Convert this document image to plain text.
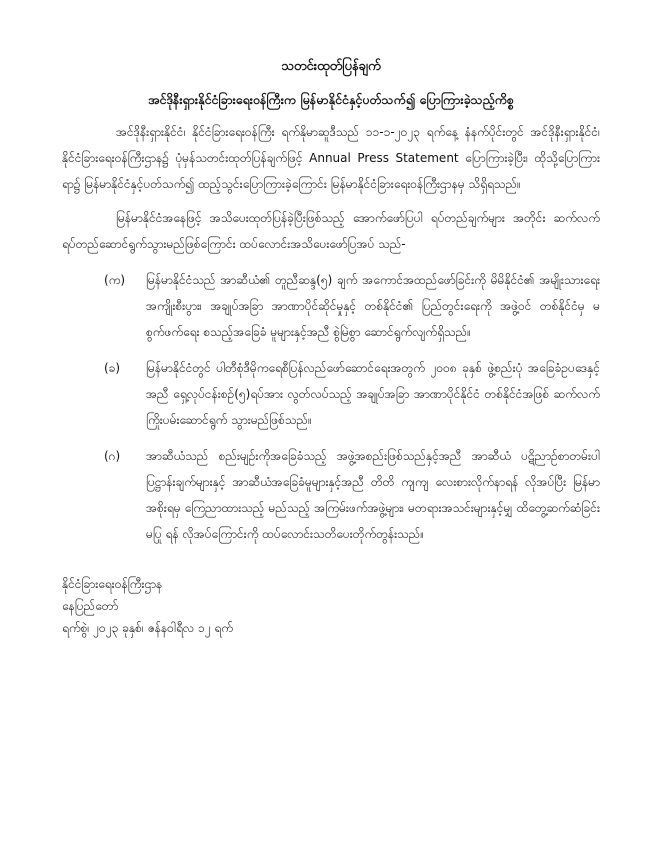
သတင်းထုတ်ပြန်ချက်
အင်ဒိုနီးရှားနိုင်ငံခြားရေးဝန်ကြီးက မြန်မာနိုင်ငံနှင့်ပတ်သက်၍ ပြောကြားခဲ့သည့်ကိစ္စ

အင်ဒိုနီးရှားနိုင်ငံ၊ နိုင်ငံခြားရေးဝန်ကြီး ရက်နိုမာဆူဒီသည် ၁၁-၁-၂၀၂၃ ရက်နေ့ နံနက်ပိုင်းတွင် အင်ဒိုနီးရှားနိုင်ငံ၊ နိုင်ငံခြားရေးဝန်ကြီးဌာန၌ ပုံမှန်သတင်းထုတ်ပြန်ချက်ဖြင့် Annual Press Statement ပြောကြားခဲ့ပြီး၊ ထိုသို့ပြောကြားရာ၌ မြန်မာနိုင်ငံနှင့်ပတ်သက်၍ ထည့်သွင်းပြောကြားခဲ့ကြောင်း မြန်မာနိုင်ငံခြားရေးဝန်ကြီးဌာနမှ သိရှိရသည်။

မြန်မာနိုင်ငံအနေဖြင့် အသိပေးထုတ်ပြန်ခဲ့ပြီးဖြစ်သည့် အောက်ဖော်ပြပါ ရပ်တည်ချက်များ အတိုင်း ဆက်လက် ရပ်တည်ဆောင်ရွက်သွားမည်ဖြစ်ကြောင်း ထပ်လောင်းအသိပေးဖော်ပြအပ် သည်-

(က) မြန်မာနိုင်ငံသည် အာဆီယံ၏ တူညီဆန္ဒ(၅) ချက် အကောင်အထည်ဖော်ခြင်းကို မိမိနိုင်ငံ၏ အမျိုးသားရေးအကျိုးစီးပွား၊ အချုပ်အခြာ အာဏာပိုင်ဆိုင်မှုနှင့် တစ်နိုင်ငံ၏ ပြည်တွင်းရေးကို အဖွဲ့ဝင် တစ်နိုင်ငံမှ မစွက်ဖက်ရေး စသည့်အခြေခံ မူများနှင့်အညီ စွဲမြဲစွာ ဆောင်ရွက်လျက်ရှိသည်။
(ခ) မြန်မာနိုင်ငံတွင် ပါတီစုံဒီမိုကရေစီပြန်လည်ဖော်ဆောင်ရေးအတွက် ၂၀၀၈ ခုနှစ် ဖွဲ့စည်းပုံ အခြေခံဥပဒေနှင့်အညီ ရှေ့လုပ်ငန်းစဉ်(၅)ရပ်အား လွတ်လပ်သည့် အချုပ်အခြာ အာဏာပိုင်နိုင်ငံ တစ်နိုင်ငံအဖြစ် ဆက်လက်ကြိုးပမ်းဆောင်ရွက် သွားမည်ဖြစ်သည်။
(ဂ) အာဆီယံသည် စည်းမျဉ်းကိုအခြေခံသည့် အဖွဲ့အစည်းဖြစ်သည်နှင့်အညီ အာဆီယံ ပဋိညာဉ်စာတမ်းပါ ပြဋ္ဌာန်းချက်များနှင့် အာဆီယံအခြေခံမူများနှင့်အညီ တိတိ ကျကျ လေးစားလိုက်နာရန် လိုအပ်ပြီး မြန်မာအစိုးရမှ ကြေညာထားသည့် မည်သည့် အကြမ်းဖက်အဖွဲ့များ၊ မတရားအသင်းများနှင့်မျှ ထိတွေ့ဆက်ဆံခြင်းမပြု ရန် လိုအပ်ကြောင်းကို ထပ်လောင်းသတိပေးတိုက်တွန်းသည်။
နိုင်ငံခြားရေးဝန်ကြီးဌာန
နေပြည်တော်
ရက်စွဲ၊ ၂၀၂၃ ခုနှစ်၊ ဇန်နဝါရီလ ၁၂ ရက်
